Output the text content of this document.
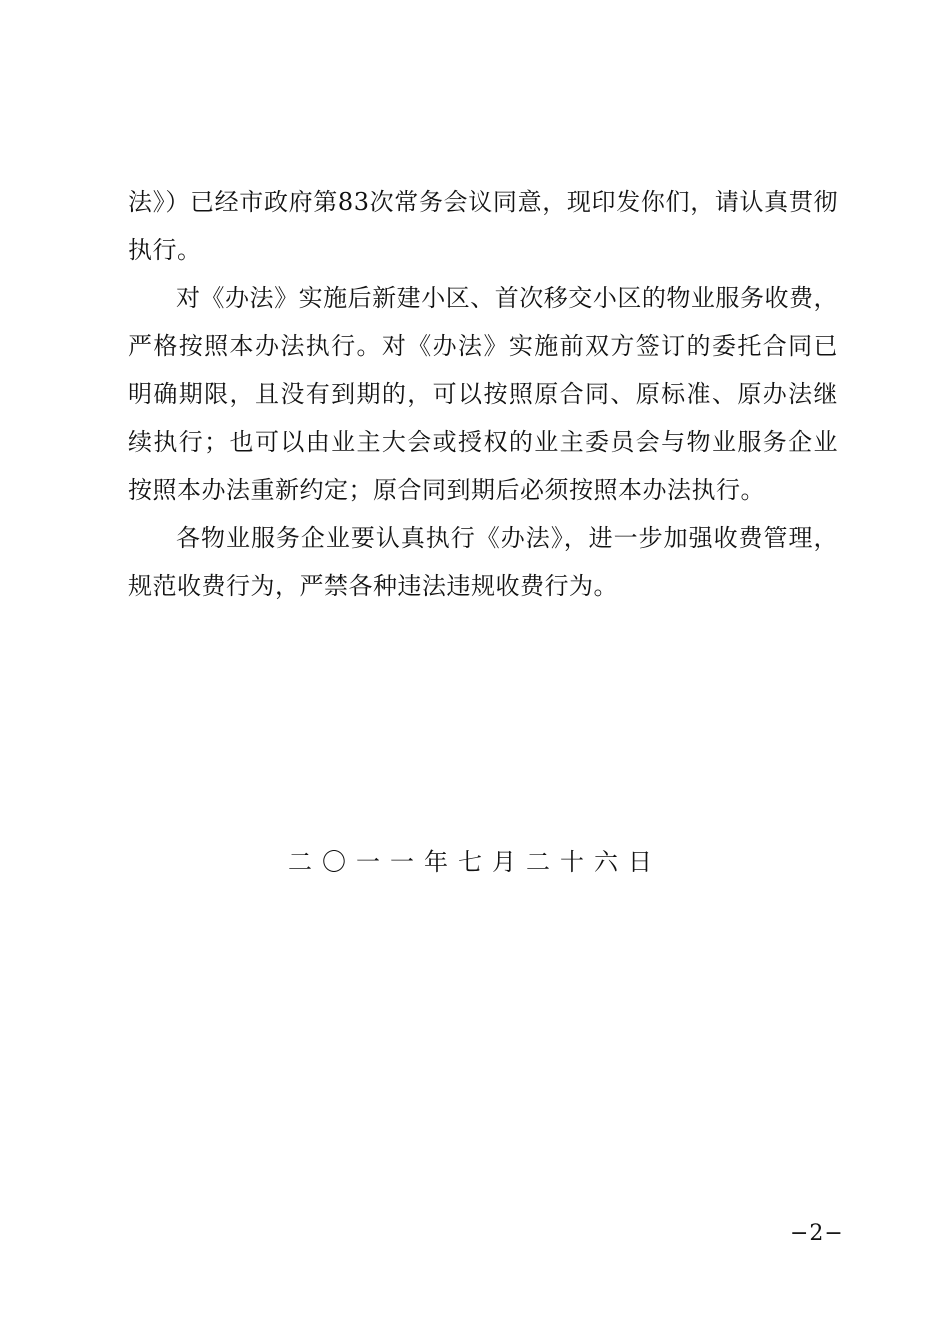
法》）已经市政府第83次常务会议同意，现印发你们，请认真贯彻执行。

对《办法》实施后新建小区、首次移交小区的物业服务收费，严格按照本办法执行。对《办法》实施前双方签订的委托合同已明确期限，且没有到期的，可以按照原合同、原标准、原办法继续执行；也可以由业主大会或授权的业主委员会与物业服务企业按照本办法重新约定；原合同到期后必须按照本办法执行。

各物业服务企业要认真执行《办法》，进一步加强收费管理，规范收费行为，严禁各种违法违规收费行为。

二〇一一年七月二十六日
−2−
